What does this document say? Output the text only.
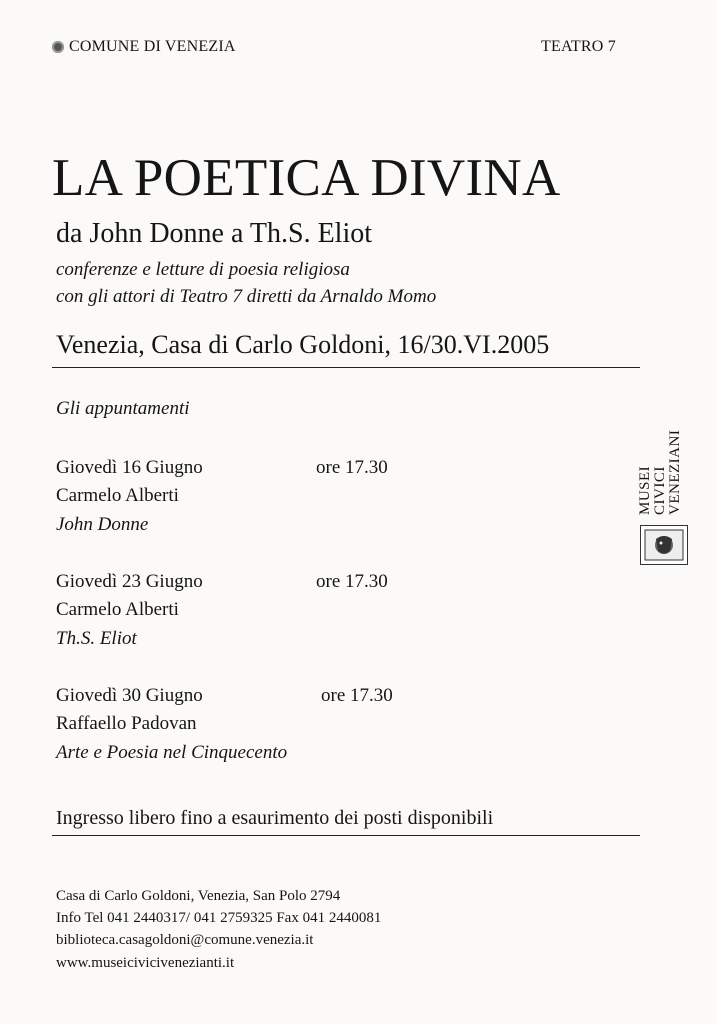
COMUNE DI VENEZIA	TEATRO 7
LA POETICA DIVINA
da John Donne a Th.S. Eliot
conferenze e letture di poesia religiosa
con gli attori di Teatro 7 diretti da Arnaldo Momo
Venezia, Casa di Carlo Goldoni, 16/30.VI.2005
Gli appuntamenti
Giovedì 16 Giugno	ore 17.30
Carmelo Alberti
John Donne
Giovedì 23 Giugno	ore 17.30
Carmelo Alberti
Th.S. Eliot
Giovedì 30 Giugno	ore 17.30
Raffaello Padovan
Arte e Poesia nel Cinquecento
Ingresso libero fino a esaurimento dei posti disponibili
Casa di Carlo Goldoni, Venezia, San Polo 2794
Info Tel 041 2440317/ 041 2759325 Fax 041 2440081
biblioteca.casagoldoni@comune.venezia.it
www.museicivicivenezianti.it
MUSEI CIVICI VENEZIANI
